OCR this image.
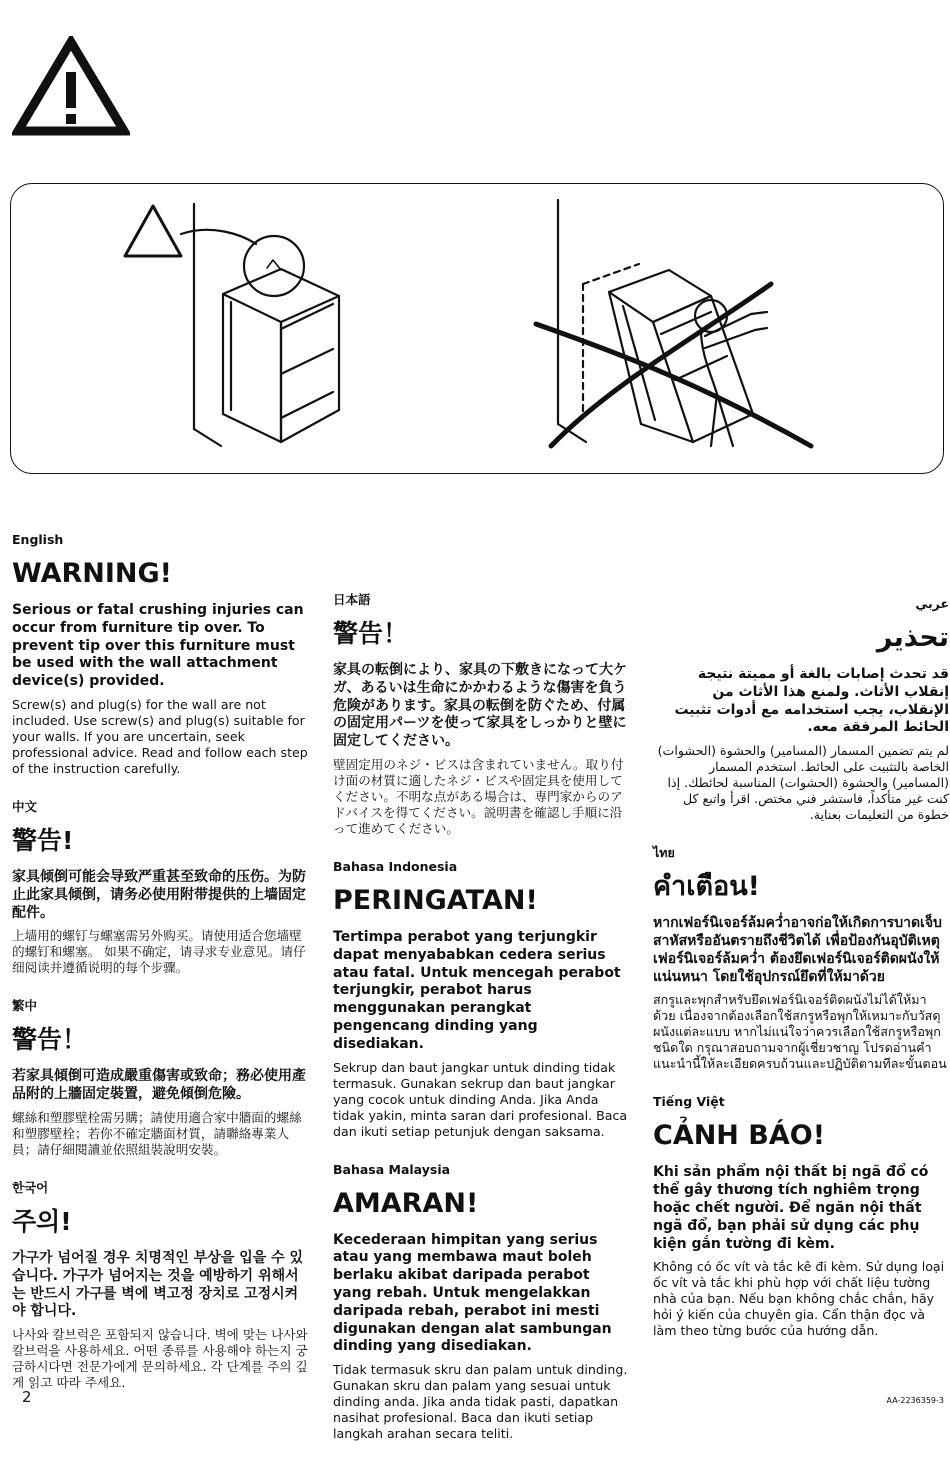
English
WARNING!

Serious or fatal crushing injuries can occur from furniture tip over. To prevent tip over this furniture must be used with the wall attachment device(s) provided.

Screw(s) and plug(s) for the wall are not included. Use screw(s) and plug(s) suitable for your walls. If you are uncertain, seek professional advice. Read and follow each step of the instruction carefully.

中文
警告!

家具倾倒可能会导致严重甚至致命的压伤。为防止此家具倾倒，请务必使用附带提供的上墙固定配件。

上墙用的螺钉与螺塞需另外购买。请使用适合您墙壁的螺钉和螺塞。 如果不确定，请寻求专业意见。请仔细阅读并遵循说明的每个步骤。

繁中
警告！

若家具傾倒可造成嚴重傷害或致命；務必使用產品附的上牆固定裝置，避免傾倒危險。

螺絲和塑膠壁栓需另購；請使用適合家中牆面的螺絲和塑膠壁栓；若你不確定牆面材質，請聯絡專業人員；請仔細閱讀並依照組裝說明安裝。

한국어
주의!

가구가 넘어질 경우 치명적인 부상을 입을 수 있습니다. 가구가 넘어지는 것을 예방하기 위해서는 반드시 가구를 벽에 벽고정 장치로 고정시켜야 합니다.

나사와 칼브럭은 포함되지 않습니다. 벽에 맞는 나사와 칼브럭을 사용하세요. 어떤 종류를 사용해야 하는지 궁금하시다면 전문가에게 문의하세요. 각 단계를 주의 깊게 읽고 따라 주세요.

日本語
警告！

家具の転倒により、家具の下敷きになって大ケガ、あるいは生命にかかわるような傷害を負う危険があります。家具の転倒を防ぐため、付属の固定用パーツを使って家具をしっかりと壁に固定してください。

壁固定用のネジ・ビスは含まれていません。取り付け面の材質に適したネジ・ビスや固定具を使用してください。不明な点がある場合は、専門家からのアドバイスを得てください。説明書を確認し手順に沿って進めてください。

Bahasa Indonesia
PERINGATAN!

Tertimpa perabot yang terjungkir dapat menyababkan cedera serius atau fatal. Untuk mencegah perabot terjungkir, perabot harus menggunakan perangkat pengencang dinding yang disediakan.

Sekrup dan baut jangkar untuk dinding tidak termasuk. Gunakan sekrup dan baut jangkar yang cocok untuk dinding Anda. Jika Anda tidak yakin, minta saran dari profesional. Baca dan ikuti setiap petunjuk dengan saksama.

Bahasa Malaysia
AMARAN!

Kecederaan himpitan yang serius atau yang membawa maut boleh berlaku akibat daripada perabot yang rebah. Untuk mengelakkan daripada rebah, perabot ini mesti digunakan dengan alat sambungan dinding yang disediakan.

Tidak termasuk skru dan palam untuk dinding. Gunakan skru dan palam yang sesuai untuk dinding anda. Jika anda tidak pasti, dapatkan nasihat profesional. Baca dan ikuti setiap langkah arahan secara teliti.

عربي
تحذير

قد تحدث إصابات بالغة أو مميتة نتيجة إنقلاب الأثاث. ولمنع هذا الأثاث من الإنقلاب، يجب استخدامه مع أدوات تثبيت الحائط المرفقة معه.

لم يتم تضمين المسمار (المسامير) والحشوة (الحشوات) الخاصة بالتثبيت على الحائط. استخدم المسمار (المسامير) والحشوة (الحشوات) المناسبة لحائطك. إذا كنت غير متأكداً، فاستشر فني مختص. اقرأ واتبع كل خطوة من التعليمات بعناية.

ไทย
คำเตือน!

หากเฟอร์นิเจอร์ล้มคว่ำอาจก่อให้เกิดการบาดเจ็บสาหัสหรืออันตรายถึงชีวิตได้ เพื่อป้องกันอุบัติเหตุเฟอร์นิเจอร์ล้มคว่ำ ต้องยึดเฟอร์นิเจอร์ติดผนังให้แน่นหนา โดยใช้อุปกรณ์ยึดที่ให้มาด้วย

สกรูและพุกสำหรับยึดเฟอร์นิเจอร์ติดผนังไม่ได้ให้มาด้วย เนื่องจากต้องเลือกใช้สกรูหรือพุกให้เหมาะกับวัสดุผนังแต่ละแบบ หากไม่แน่ใจว่าควรเลือกใช้สกรูหรือพุกชนิดใด กรุณาสอบถามจากผู้เชี่ยวชาญ โปรดอ่านคำแนะนำนี้ให้ละเอียดครบถ้วนและปฏิบัติตามทีละขั้นตอน

Tiếng Việt
CẢNH BÁO!

Khi sản phẩm nội thất bị ngã đổ có thể gây thương tích nghiêm trọng hoặc chết người. Để ngăn nội thất ngã đổ, bạn phải sử dụng các phụ kiện gắn tường đi kèm.

Không có ốc vít và tắc kê đi kèm. Sử dụng loại ốc vít và tắc khi phù hợp với chất liệu tường nhà của bạn. Nếu bạn không chắc chắn, hãy hỏi ý kiến của chuyên gia. Cẩn thận đọc và làm theo từng bước của hướng dẫn.

2	AA-2236359-3
